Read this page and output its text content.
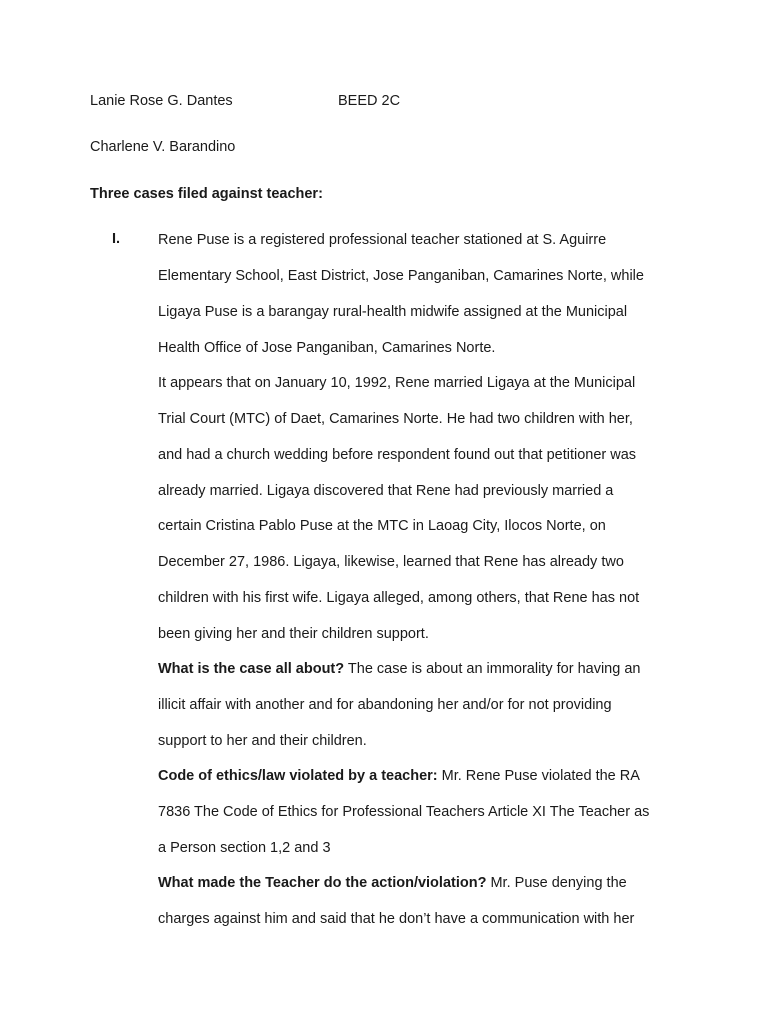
Lanie Rose G. Dantes	BEED 2C
Charlene V. Barandino
Three cases filed against teacher:
I.	Rene Puse is a registered professional teacher stationed at S. Aguirre
Elementary School, East District, Jose Panganiban, Camarines Norte, while
Ligaya Puse is a barangay rural-health midwife assigned at the Municipal
Health Office of Jose Panganiban, Camarines Norte.
It appears that on January 10, 1992, Rene married Ligaya at the Municipal
Trial Court (MTC) of Daet, Camarines Norte. He had two children with her,
and had a church wedding before respondent found out that petitioner was
already married. Ligaya discovered that Rene had previously married a
certain Cristina Pablo Puse at the MTC in Laoag City, Ilocos Norte, on
December 27, 1986. Ligaya, likewise, learned that Rene has already two
children with his first wife. Ligaya alleged, among others, that Rene has not
been giving her and their children support.
What is the case all about? The case is about an immorality for having an
illicit affair with another and for abandoning her and/or for not providing
support to her and their children.
Code of ethics/law violated by a teacher: Mr. Rene Puse violated the RA
7836 The Code of Ethics for Professional Teachers Article XI The Teacher as
a Person section 1,2 and 3
What made the Teacher do the action/violation? Mr. Puse denying the
charges against him and said that he don’t have a communication with her
